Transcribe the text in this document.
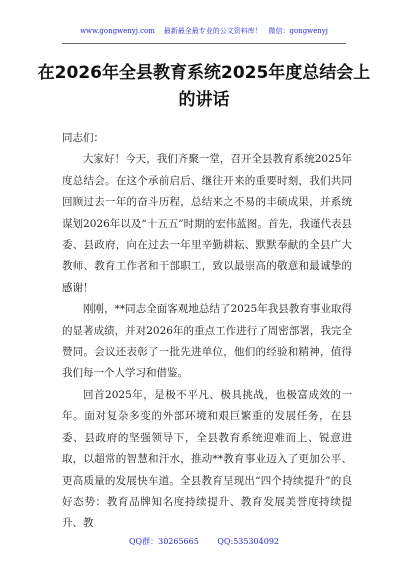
www.gongwenyj.com 最新最全最专业的公文资料库！ 微信：gongwenyj
在2026年全县教育系统2025年度总结会上的讲话

同志们：

大家好！今天，我们齐聚一堂，召开全县教育系统2025年度总结会。在这个承前启后、继往开来的重要时刻，我们共同回顾过去一年的奋斗历程，总结来之不易的丰硕成果，并系统谋划2026年以及“十五五”时期的宏伟蓝图。首先，我谨代表县委、县政府，向在过去一年里辛勤耕耘、默默奉献的全县广大教师、教育工作者和干部职工，致以最崇高的敬意和最诚挚的感谢！

刚刚，**同志全面客观地总结了2025年我县教育事业取得的显著成绩，并对2026年的重点工作进行了周密部署，我完全赞同。会议还表彰了一批先进单位，他们的经验和精神，值得我们每一个人学习和借鉴。

回首2025年，是极不平凡、极具挑战，也极富成效的一年。面对复杂多变的外部环境和艰巨繁重的发展任务，在县委、县政府的坚强领导下，全县教育系统迎难而上、锐意进取，以超常的智慧和汗水，推动**教育事业迈入了更加公平、更高质量的发展快车道。全县教育呈现出“四个持续提升”的良好态势：教育品牌知名度持续提升、教育发展美誉度持续提升、教

QQ群：30265665 QQ:535304092
